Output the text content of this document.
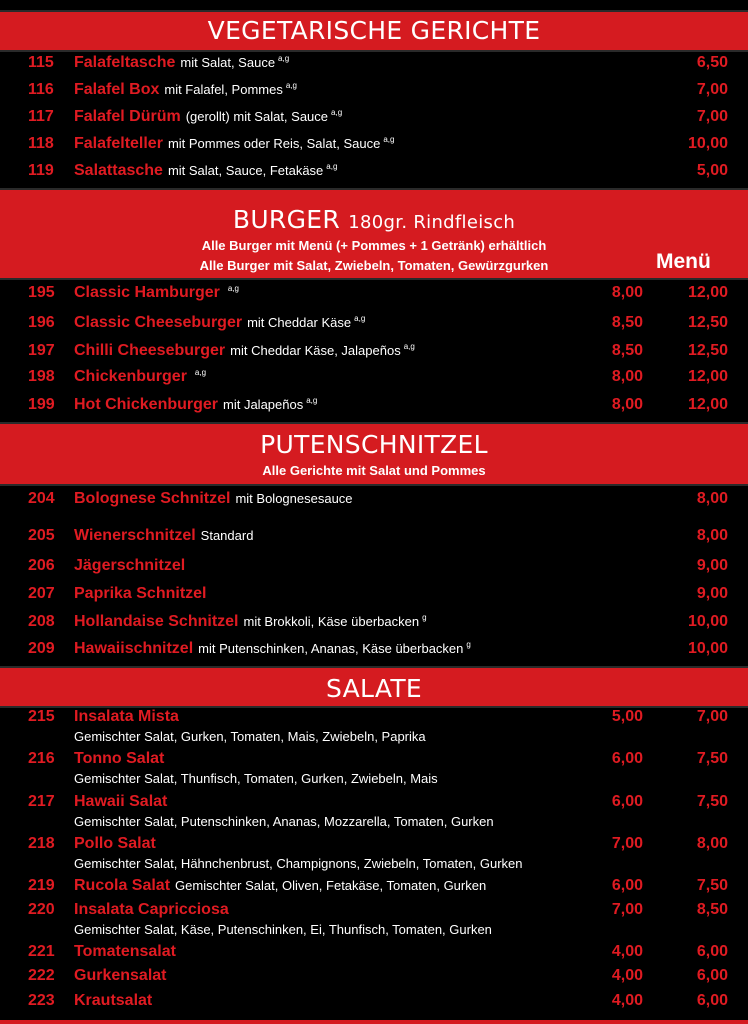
VEGETARISCHE GERICHTE
115	Falafeltasche mit Salat, Sauce $^{a,g}$	6,50
116	Falafel Box mit Falafel, Pommes $^{a,g}$	7,00
117	Falafel Dürüm (gerollt) mit Salat, Sauce $^{a,g}$	7,00
118	Falafelteller mit Pommes oder Reis, Salat, Sauce $^{a,g}$	10,00
119	Salattasche mit Salat, Sauce, Fetakäse $^{a,g}$	5,00
BURGER 180gr. Rindfleisch
Alle Burger mit Menü (+ Pommes + 1 Getränk) erhältlich
Alle Burger mit Salat, Zwiebeln, Tomaten, Gewürzgurken	Menü
195	Classic Hamburger $^{a,g}$	8,00	12,00
196	Classic Cheeseburger mit Cheddar Käse $^{a,g}$	8,50	12,50
197	Chilli Cheeseburger mit Cheddar Käse, Jalapeños $^{a,g}$	8,50	12,50
198	Chickenburger $^{a,g}$	8,00	12,00
199	Hot Chickenburger mit Jalapeños $^{a,g}$	8,00	12,00
PUTENSCHNITZEL
Alle Gerichte mit Salat und Pommes
204	Bolognese Schnitzel mit Bolognesesauce	8,00
205	Wienerschnitzel Standard	8,00
206	Jägerschnitzel	9,00
207	Paprika Schnitzel	9,00
208	Hollandaise Schnitzel mit Brokkoli, Käse überbacken $^g$	10,00
209	Hawaiischnitzel mit Putenschinken, Ananas, Käse überbacken $^g$	10,00
SALATE
215	Insalata Mista	5,00	7,00
Gemischter Salat, Gurken, Tomaten, Mais, Zwiebeln, Paprika
216	Tonno Salat	6,00	7,50
Gemischter Salat, Thunfisch, Tomaten, Gurken, Zwiebeln, Mais
217	Hawaii Salat	6,00	7,50
Gemischter Salat, Putenschinken, Ananas, Mozzarella, Tomaten, Gurken
218	Pollo Salat	7,00	8,00
Gemischter Salat, Hähnchenbrust, Champignons, Zwiebeln, Tomaten, Gurken
219	Rucola Salat Gemischter Salat, Oliven, Fetakäse, Tomaten, Gurken	6,00	7,50
220	Insalata Capricciosa	7,00	8,50
Gemischter Salat, Käse, Putenschinken, Ei, Thunfisch, Tomaten, Gurken
221	Tomatensalat	4,00	6,00
222	Gurkensalat	4,00	6,00
223	Krautsalat	4,00	6,00
